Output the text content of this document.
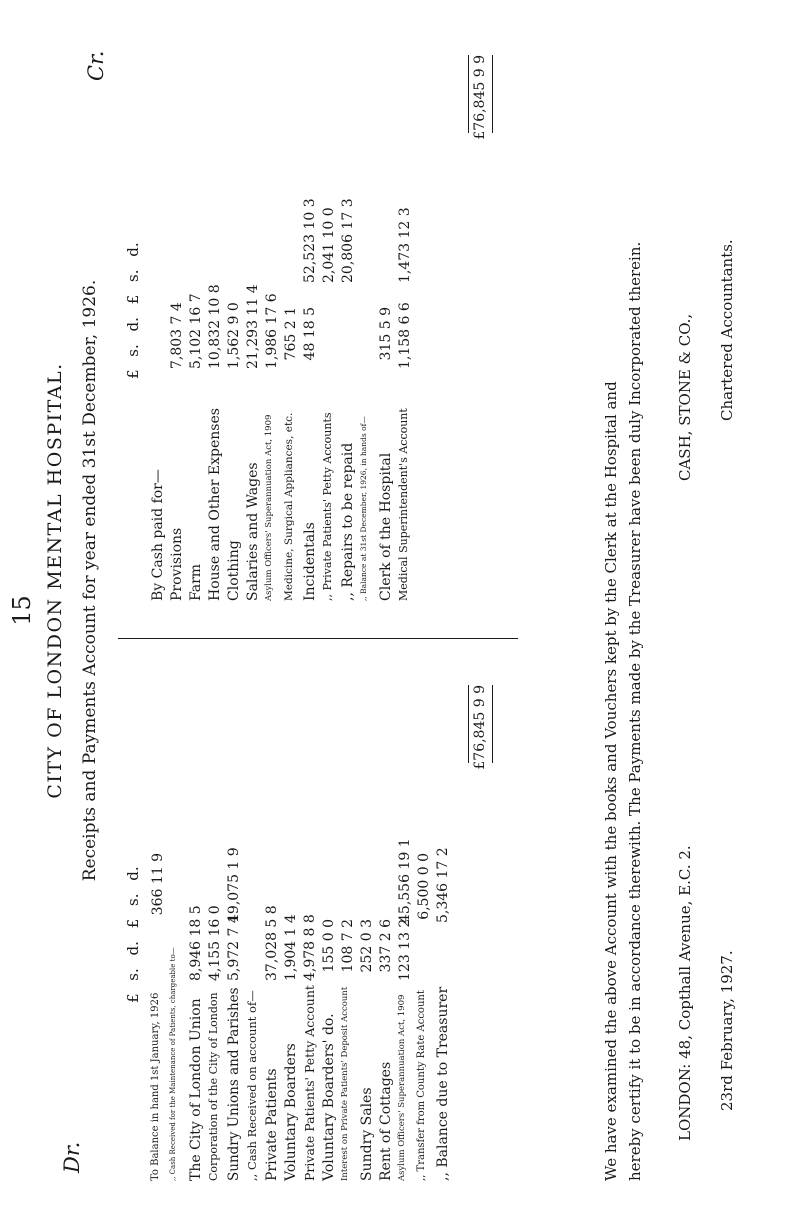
15 CITY OF LONDON MENTAL HOSPITAL. Receipts and Payments Account for year ended 31st December, 1926.
Dr.
Cr.
£ s. d. £ s. d.
To Balance in hand 1st January, 1926
366 11 9
,, Cash Received for the Maintenance of Patients, chargeable to— The City of London Union
8,946 18 5
Corporation of the City of London
4,155 16 0
Sundry Unions and Parishes
5,972 7 4
19,075 1 9
,, Cash Received on account of— Private Patients
37,028 5 8
Voluntary Boarders
1,904 1 4
Private Patients' Petty Account
4,978 8 8
Voluntary Boarders' do.
155 0 0
Interest on Private Patients' Deposit Account
108 7 2
Sundry Sales
252 0 3
Rent of Cottages
337 2 6
Asylum Officers' Superannuation Act, 1909
123 13 2
45,556 19 1
,, Transfer from County Rate Account
6,500 0 0
,, Balance due to Treasurer
5,346 17 2
£76,845 9 9
£ s. d. £ s. d.
By Cash paid for— Provisions
7,803 7 4
Farm
5,102 16 7
House and Other Expenses
10,832 10 8
Clothing
1,562 9 0
Salaries and Wages
21,293 11 4
Asylum Officers' Superannuation Act, 1909
1,986 17 6
Medicine, Surgical Appliances, etc.
765 2 1
Incidentals
48 18 5
52,523 10 3
,, Private Patients' Petty Accounts
2,041 10 0
,, Repairs to be repaid
20,806 17 3
,, Balance at 31st December, 1926, in hands of— Clerk of the Hospital
315 5 9
Medical Superintendent's Account
1,158 6 6
1,473 12 3
£76,845 9 9
We have examined the above Account with the books and Vouchers kept by the Clerk at the Hospital and hereby certify it to be in accordance therewith. The Payments made by the Treasurer have been duly Incorporated therein. LONDON: 48, Copthall Avenue, E.C. 2.
CASH, STONE & CO.,
23rd February, 1927.
Chartered Accountants.
